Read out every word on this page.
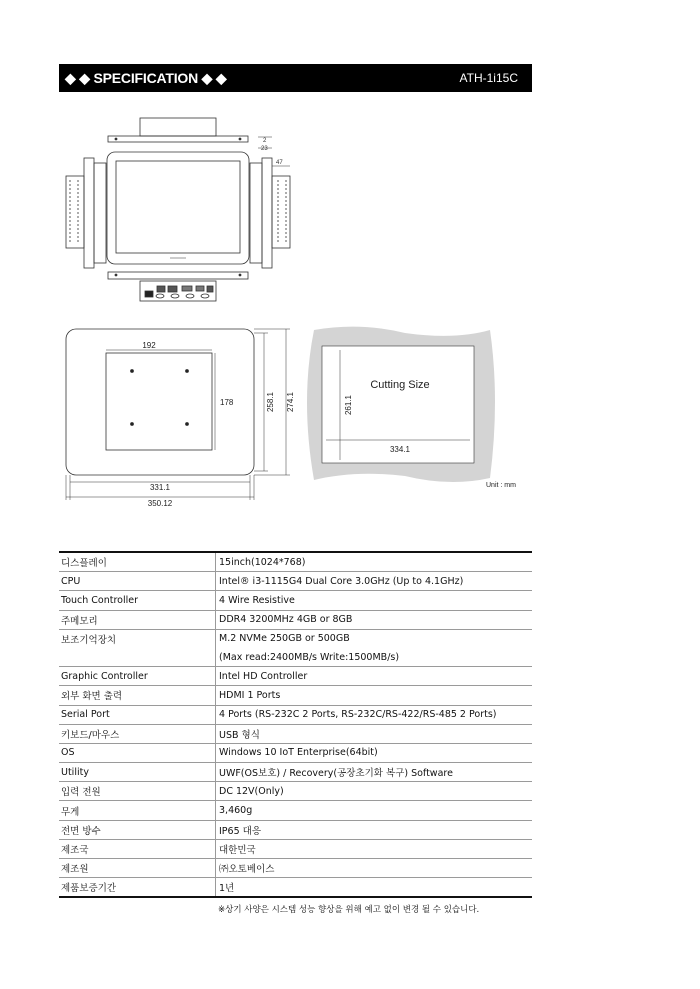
◆ ◆ SPECIFICATION ◆ ◆	ATH-1i15C
2
23
47
192
178	258.1 274.1
331.1
350.12
Cutting Size
261.1
334.1
Unit : mm
디스플레이	15inch(1024*768)
CPU	Intel® i3-1115G4 Dual Core 3.0GHz (Up to 4.1GHz)
Touch Controller	4 Wire Resistive
주메모리	DDR4 3200MHz 4GB or 8GB
보조기억장치	M.2 NVMe 250GB or 500GB
	(Max read:2400MB/s Write:1500MB/s)
Graphic Controller	Intel HD Controller
외부 화면 출력	HDMI 1 Ports
Serial Port	4 Ports (RS-232C 2 Ports, RS-232C/RS-422/RS-485 2 Ports)
키보드/마우스	USB 형식
OS	Windows 10 IoT Enterprise(64bit)
Utility	UWF(OS보호) / Recovery(공장초기화 복구) Software
입력 전원	DC 12V(Only)
무게	3,460g
전면 방수	IP65 대응
제조국	대한민국
제조원	㈜오토베이스
제품보증기간	1년
※상기 사양은 시스템 성능 향상을 위해 예고 없이 변경 될 수 있습니다.
